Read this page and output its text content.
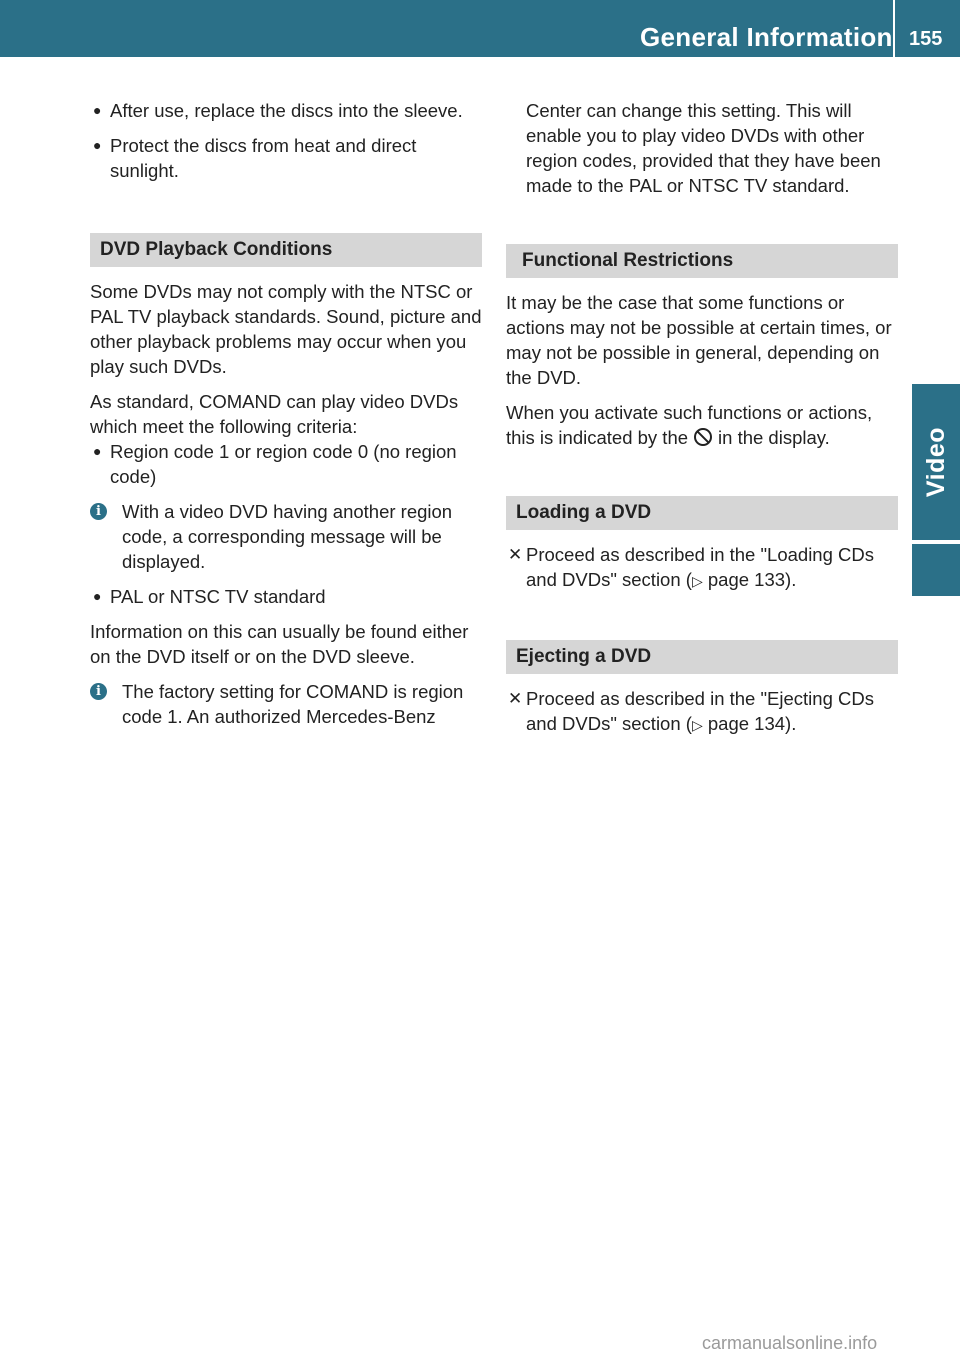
General Information 155
Video
● After use, replace the discs into the sleeve.
● Protect the discs from heat and direct sunlight.
DVD Playback Conditions

Some DVDs may not comply with the NTSC or PAL TV playback standards. Sound, picture and other playback problems may occur when you play such DVDs.

As standard, COMAND can play video DVDs which meet the following criteria:

● Region code 1 or region code 0 (no region code)
i	With a video DVD having another region code, a corresponding message will be displayed.
● PAL or NTSC TV standard

Information on this can usually be found either on the DVD itself or on the DVD sleeve.

i	The factory setting for COMAND is region code 1. An authorized Mercedes-Benz
Center can change this setting. This will enable you to play video DVDs with other region codes, provided that they have been made to the PAL or NTSC TV standard.
Functional Restrictions

It may be the case that some functions or actions may not be possible at certain times, or may not be possible in general, depending on the DVD.

When you activate such functions or actions, this is indicated by the in the display.

Loading a DVD
✕ Proceed as described in the "Loading CDs and DVDs" section (▷ page 133).
Ejecting a DVD
✕ Proceed as described in the "Ejecting CDs and DVDs" section (▷ page 134).
carmanualsonline.info
